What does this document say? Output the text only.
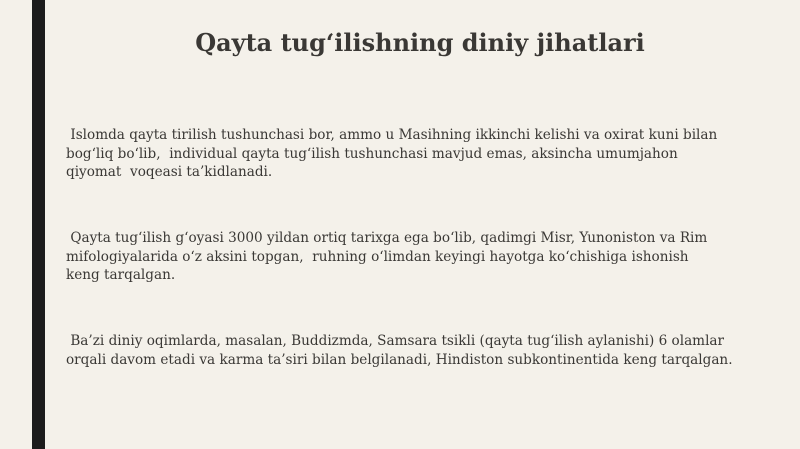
Qayta tug‘ilishning diniy jihatlari

Islomda qayta tirilish tushunchasi bor, ammo u Masihning ikkinchi kelishi va oxirat kuni bilan
bog‘liq bo‘lib,  individual qayta tug‘ilish tushunchasi mavjud emas, aksincha umumjahon
qiyomat  voqeasi ta’kidlanadi.

Qayta tug‘ilish g‘oyasi 3000 yildan ortiq tarixga ega bo‘lib, qadimgi Misr, Yunoniston va Rim
mifologiyalarida o‘z aksini topgan,  ruhning o‘limdan keyingi hayotga ko‘chishiga ishonish
keng tarqalgan.

Ba’zi diniy oqimlarda, masalan, Buddizmda, Samsara tsikli (qayta tug‘ilish aylanishi) 6 olamlar
orqali davom etadi va karma ta’siri bilan belgilanadi, Hindiston subkontinentida keng tarqalgan.
